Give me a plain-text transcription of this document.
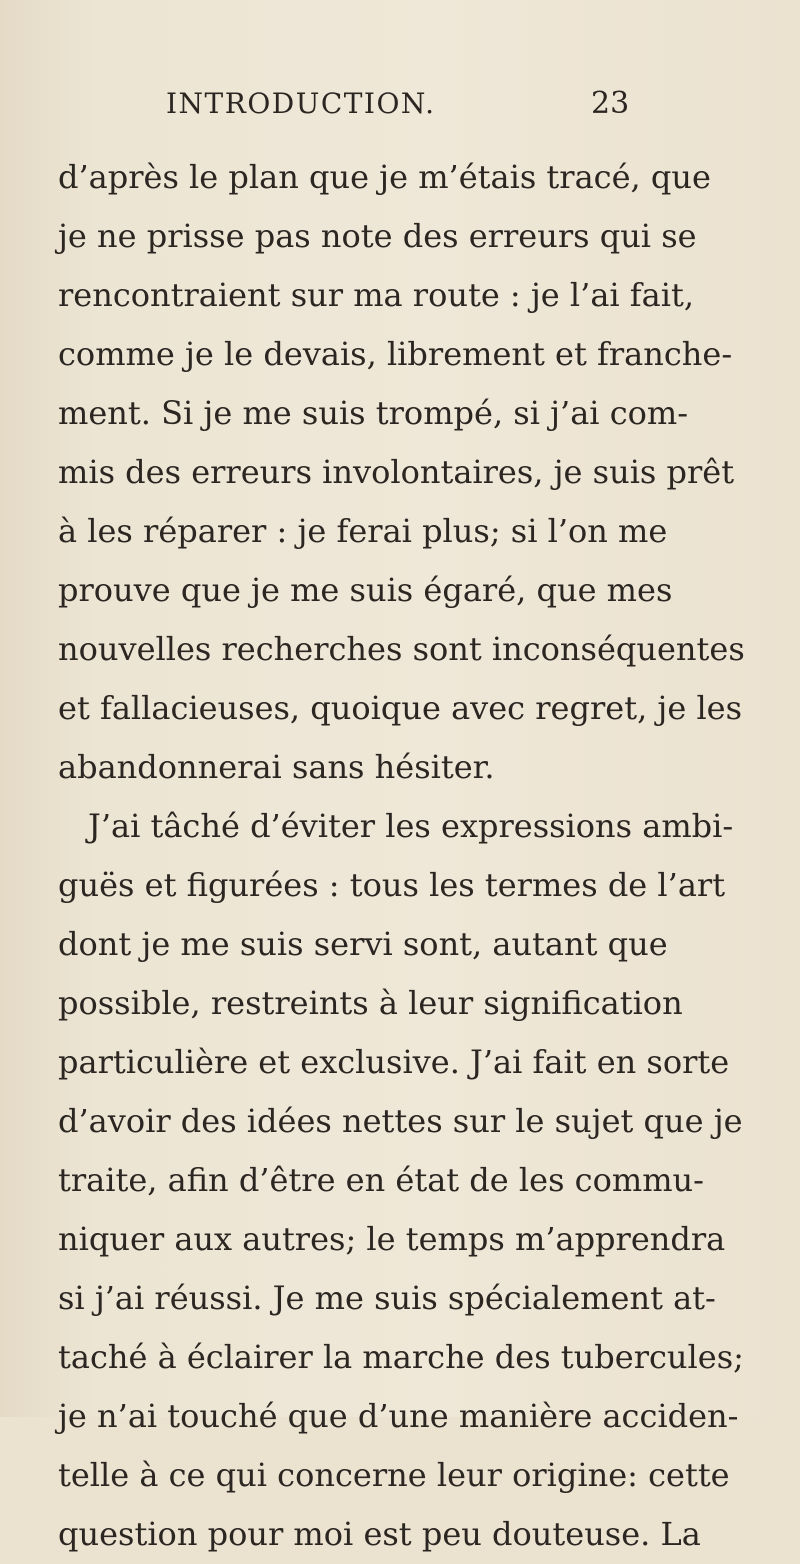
INTRODUCTION.	23
d’après le plan que je m’étais tracé, que
je ne prisse pas note des erreurs qui se
rencontraient sur ma route : je l’ai fait,
comme je le devais, librement et franche-
ment. Si je me suis trompé, si j’ai com-
mis des erreurs involontaires, je suis prêt
à les réparer : je ferai plus; si l’on me
prouve que je me suis égaré, que mes
nouvelles recherches sont inconséquentes
et fallacieuses, quoique avec regret, je les
abandonnerai sans hésiter.
J’ai tâché d’éviter les expressions ambi-
guës et figurées : tous les termes de l’art
dont je me suis servi sont, autant que
possible, restreints à leur signification
particulière et exclusive. J’ai fait en sorte
d’avoir des idées nettes sur le sujet que je
traite, afin d’être en état de les commu-
niquer aux autres; le temps m’apprendra
si j’ai réussi. Je me suis spécialement at-
taché à éclairer la marche des tubercules;
je n’ai touché que d’une manière acciden-
telle à ce qui concerne leur origine: cette
question pour moi est peu douteuse. La
